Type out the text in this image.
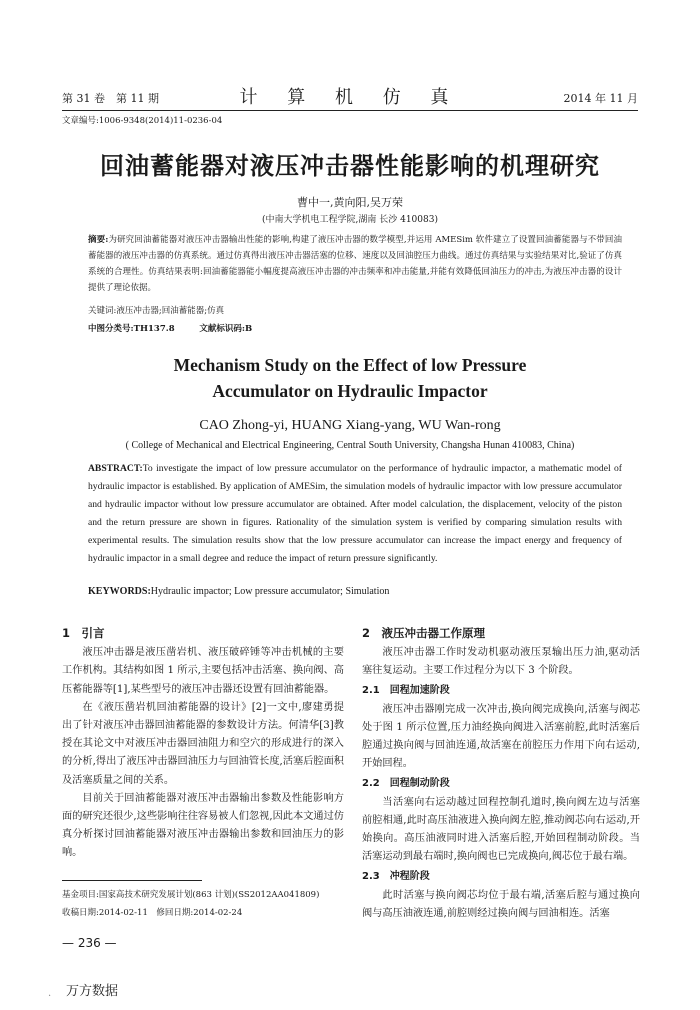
第 31 卷　第 11 期	计 算 机 仿 真	2014 年 11 月
文章编号:1006-9348(2014)11-0236-04
回油蓄能器对液压冲击器性能影响的机理研究
曹中一,黄向阳,吴万荣
(中南大学机电工程学院,湖南 长沙 410083)
摘要:为研究回油蓄能器对液压冲击器输出性能的影响,构建了液压冲击器的数学模型,并运用 AMESim 软件建立了设置回油蓄能器与不带回油蓄能器的液压冲击器的仿真系统。通过仿真得出液压冲击器活塞的位移、速度以及回油腔压力曲线。通过仿真结果与实验结果对比,验证了仿真系统的合理性。仿真结果表明:回油蓄能器能小幅度提高液压冲击器的冲击频率和冲击能量,并能有效降低回油压力的冲击,为液压冲击器的设计提供了理论依据。
关键词:液压冲击器;回油蓄能器;仿真
中图分类号:TH137.8	文献标识码:B
Mechanism Study on the Effect of low Pressure Accumulator on Hydraulic Impactor
CAO Zhong-yi, HUANG Xiang-yang, WU Wan-rong
( College of Mechanical and Electrical Engineering, Central South University, Changsha Hunan 410083, China)
ABSTRACT:To investigate the impact of low pressure accumulator on the performance of hydraulic impactor, a mathematic model of hydraulic impactor is established. By application of AMESim, the simulation models of hydraulic impactor with low pressure accumulator and hydraulic impactor without low pressure accumulator are obtained. After model calculation, the displacement, velocity of the piston and the return pressure are shown in figures. Rationality of the simulation system is verified by comparing simulation results with experimental results. The simulation results show that the low pressure accumulator can increase the impact energy and frequency of hydraulic impactor in a small degree and reduce the impact of return pressure significantly.
KEYWORDS:Hydraulic impactor; Low pressure accumulator; Simulation
1　引言

液压冲击器是液压凿岩机、液压破碎锤等冲击机械的主要工作机构。其结构如图 1 所示,主要包括冲击活塞、换向阀、高压蓄能器等[1],某些型号的液压冲击器还设置有回油蓄能器。

在《液压凿岩机回油蓄能器的设计》[2]一文中,廖建勇提出了针对液压冲击器回油蓄能器的参数设计方法。何清华[3]教授在其论文中对液压冲击器回油阻力和空穴的形成进行的深入的分析,得出了液压冲击器回油压力与回油管长度,活塞后腔面积及活塞质量之间的关系。

目前关于回油蓄能器对液压冲击器输出参数及性能影响方面的研究还很少,这些影响往往容易被人们忽视,因此本文通过仿真分析探讨回油蓄能器对液压冲击器输出参数和回油压力的影响。

2　液压冲击器工作原理

液压冲击器工作时发动机驱动液压泵输出压力油,驱动活塞往复运动。主要工作过程分为以下 3 个阶段。

2.1　回程加速阶段

液压冲击器刚完成一次冲击,换向阀完成换向,活塞与阀芯处于图 1 所示位置,压力油经换向阀进入活塞前腔,此时活塞后腔通过换向阀与回油连通,故活塞在前腔压力作用下向右运动,开始回程。

2.2　回程制动阶段

当活塞向右运动越过回程控制孔道时,换向阀左边与活塞前腔相通,此时高压油液进入换向阀左腔,推动阀芯向右运动,开始换向。高压油液同时进入活塞后腔,开始回程制动阶段。当活塞运动到最右端时,换向阀也已完成换向,阀芯位于最右端。

2.3　冲程阶段

此时活塞与换向阀芯均位于最右端,活塞后腔与通过换向阀与高压油液连通,前腔则经过换向阀与回油相连。活塞

基金项目:国家高技术研究发展计划(863 计划)(SS2012AA041809)
收稿日期:2014-02-11　修回日期:2014-02-24
— 236 —
. 万方数据
